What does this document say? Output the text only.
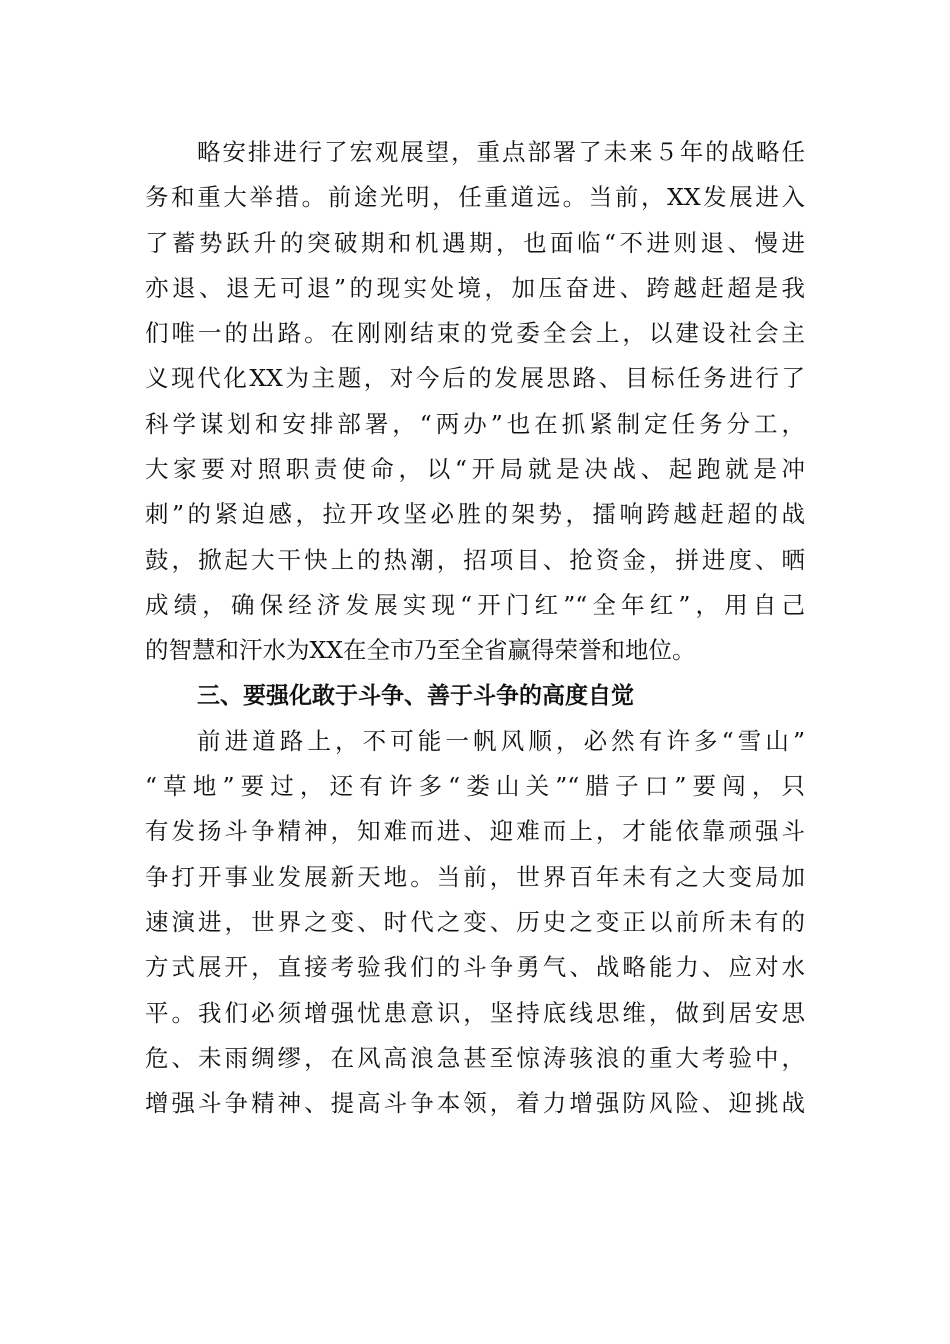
略安排进行了宏观展望，重点部署了未来５年的战略任
务和重大举措。前途光明，任重道远。当前，XX发展进入
了蓄势跃升的突破期和机遇期，也面临“不进则退、慢进
亦退、退无可退”的现实处境，加压奋进、跨越赶超是我
们唯一的出路。在刚刚结束的党委全会上，以建设社会主
义现代化XX为主题，对今后的发展思路、目标任务进行了
科学谋划和安排部署，“两办”也在抓紧制定任务分工，
大家要对照职责使命，以“开局就是决战、起跑就是冲
刺”的紧迫感，拉开攻坚必胜的架势，擂响跨越赶超的战
鼓，掀起大干快上的热潮，招项目、抢资金，拼进度、晒
成绩，确保经济发展实现“开门红”“全年红”，用自己
的智慧和汗水为XX在全市乃至全省赢得荣誉和地位。
三、要强化敢于斗争、善于斗争的高度自觉
前进道路上，不可能一帆风顺，必然有许多“雪山”
“草地”要过，还有许多“娄山关”“腊子口”要闯，只
有发扬斗争精神，知难而进、迎难而上，才能依靠顽强斗
争打开事业发展新天地。当前，世界百年未有之大变局加
速演进，世界之变、时代之变、历史之变正以前所未有的
方式展开，直接考验我们的斗争勇气、战略能力、应对水
平。我们必须增强忧患意识，坚持底线思维，做到居安思
危、未雨绸缪，在风高浪急甚至惊涛骇浪的重大考验中，
增强斗争精神、提高斗争本领，着力增强防风险、迎挑战
